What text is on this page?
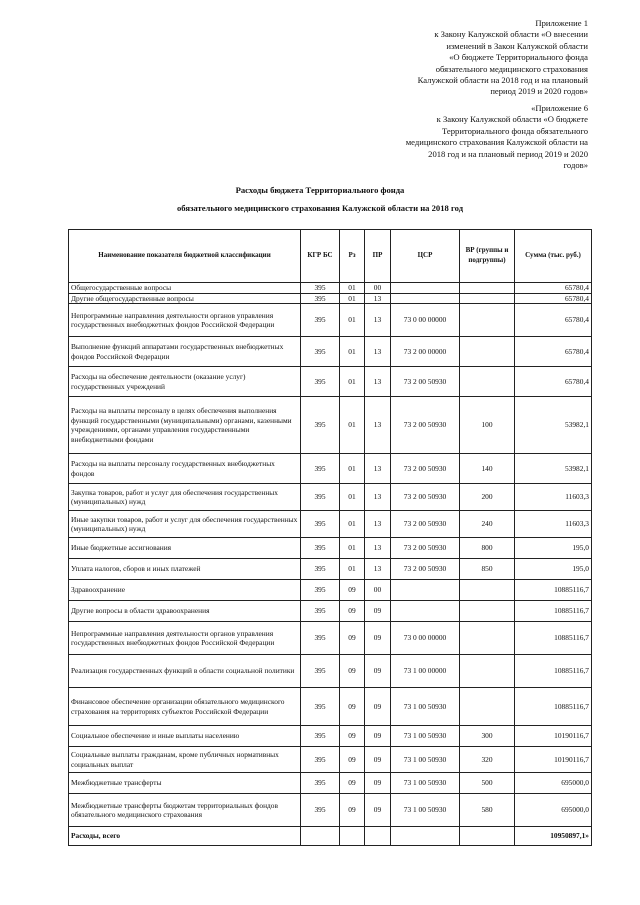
Приложение 1
к Закону Калужской области «О внесении
изменений в Закон Калужской области
«О бюджете Территориального фонда
обязательного медицинского страхования
Калужской области на 2018 год и на плановый
период 2019 и 2020 годов»
«Приложение 6
к Закону Калужской области «О бюджете
Территориального фонда обязательного
медицинского страхования Калужской области на
2018 год и на плановый период 2019 и 2020
годов»
Расходы бюджета Территориального фонда
обязательного медицинского страхования Калужской области на 2018 год
Наименование показателя бюджетной классификации	КГР БС	Рз	ПР	ЦСР	ВР (группы и подгруппы)	Сумма (тыс. руб.)
Общегосударственные вопросы	395	01	00			65780,4
Другие общегосударственные вопросы	395	01	13			65780,4
Непрограммные направления деятельности органов управления государственных внебюджетных фондов Российской Федерации	395	01	13	73 0 00 00000		65780,4
Выполнение функций аппаратами государственных внебюджетных фондов Российской Федерации	395	01	13	73 2 00 00000		65780,4
Расходы на обеспечение деятельности (оказание услуг) государственных учреждений	395	01	13	73 2 00 50930		65780,4
Расходы на выплаты персоналу в целях обеспечения выполнения функций государственными (муниципальными) органами, казенными учреждениями, органами управления государственными внебюджетными фондами	395	01	13	73 2 00 50930	100	53982,1
Расходы на выплаты персоналу государственных внебюджетных фондов	395	01	13	73 2 00 50930	140	53982,1
Закупка товаров, работ и услуг для обеспечения государственных (муниципальных) нужд	395	01	13	73 2 00 50930	200	11603,3
Иные закупки товаров, работ и услуг для обеспечения государственных (муниципальных) нужд	395	01	13	73 2 00 50930	240	11603,3
Иные бюджетные ассигнования	395	01	13	73 2 00 50930	800	195,0
Уплата налогов, сборов и иных платежей	395	01	13	73 2 00 50930	850	195,0
Здравоохранение	395	09	00			10885116,7
Другие вопросы в области здравоохранения	395	09	09			10885116,7
Непрограммные направления деятельности органов управления государственных внебюджетных фондов Российской Федерации	395	09	09	73 0 00 00000		10885116,7
Реализация государственных функций в области социальной политики	395	09	09	73 1 00 00000		10885116,7
Финансовое обеспечение организации обязательного медицинского страхования на территориях субъектов Российской Федерации	395	09	09	73 1 00 50930		10885116,7
Социальное обеспечение и иные выплаты населению	395	09	09	73 1 00 50930	300	10190116,7
Социальные выплаты гражданам, кроме публичных нормативных социальных выплат	395	09	09	73 1 00 50930	320	10190116,7
Межбюджетные трансферты	395	09	09	73 1 00 50930	500	695000,0
Межбюджетные трансферты бюджетам территориальных фондов обязательного медицинского страхования	395	09	09	73 1 00 50930	580	695000,0
Расходы, всего						10950897,1»
